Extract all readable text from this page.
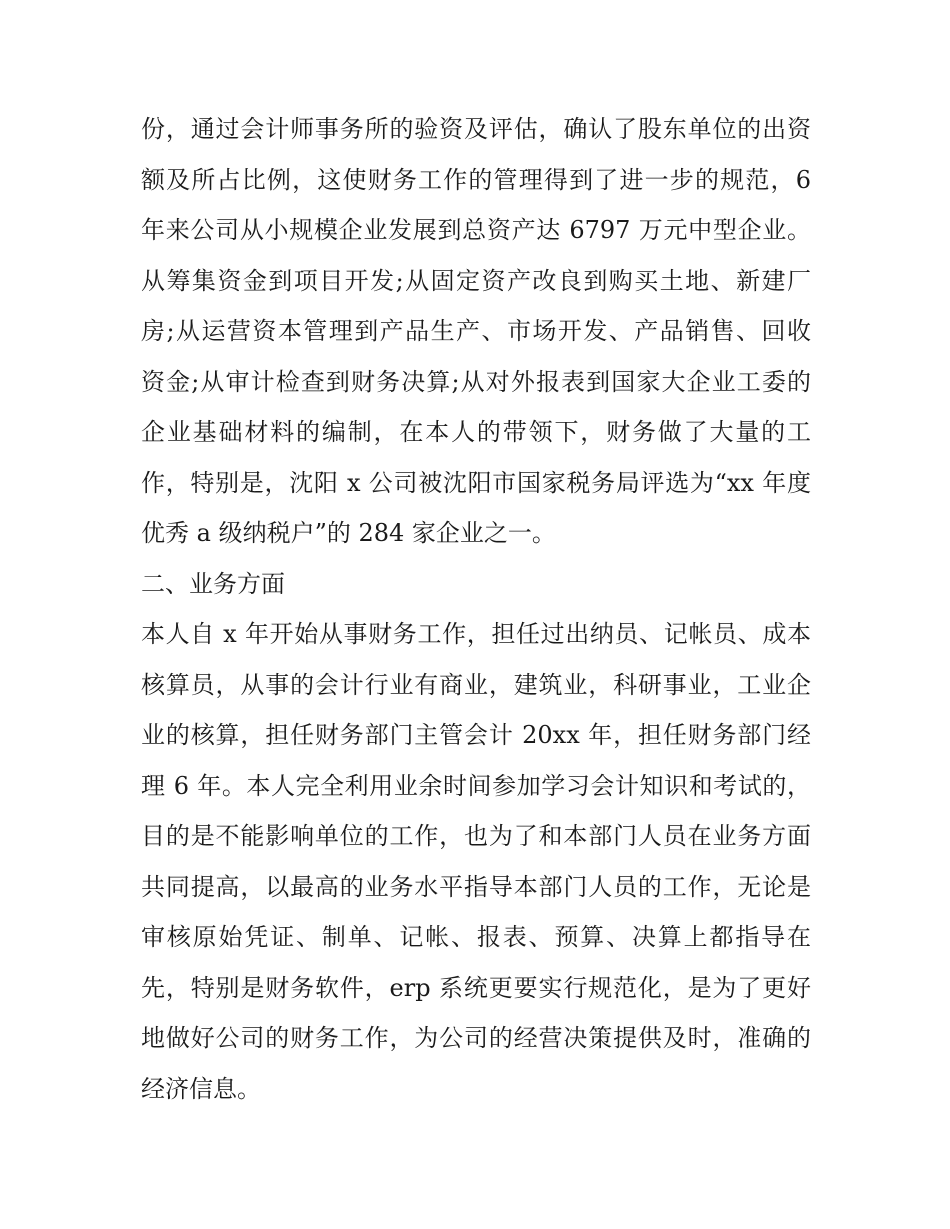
份，通过会计师事务所的验资及评估，确认了股东单位的出资
额及所占比例，这使财务工作的管理得到了进一步的规范，6
年来公司从小规模企业发展到总资产达 6797 万元中型企业。
从筹集资金到项目开发;从固定资产改良到购买土地、新建厂
房;从运营资本管理到产品生产、市场开发、产品销售、回收
资金;从审计检查到财务决算;从对外报表到国家大企业工委的
企业基础材料的编制，在本人的带领下，财务做了大量的工
作，特别是，沈阳 x 公司被沈阳市国家税务局评选为“xx 年度
优秀 a 级纳税户”的 284 家企业之一。
二、业务方面
本人自 x 年开始从事财务工作，担任过出纳员、记帐员、成本
核算员，从事的会计行业有商业，建筑业，科研事业，工业企
业的核算，担任财务部门主管会计 20xx 年，担任财务部门经
理 6 年。本人完全利用业余时间参加学习会计知识和考试的，
目的是不能影响单位的工作，也为了和本部门人员在业务方面
共同提高，以最高的业务水平指导本部门人员的工作，无论是
审核原始凭证、制单、记帐、报表、预算、决算上都指导在
先，特别是财务软件，erp 系统更要实行规范化，是为了更好
地做好公司的财务工作，为公司的经营决策提供及时，准确的
经济信息。
